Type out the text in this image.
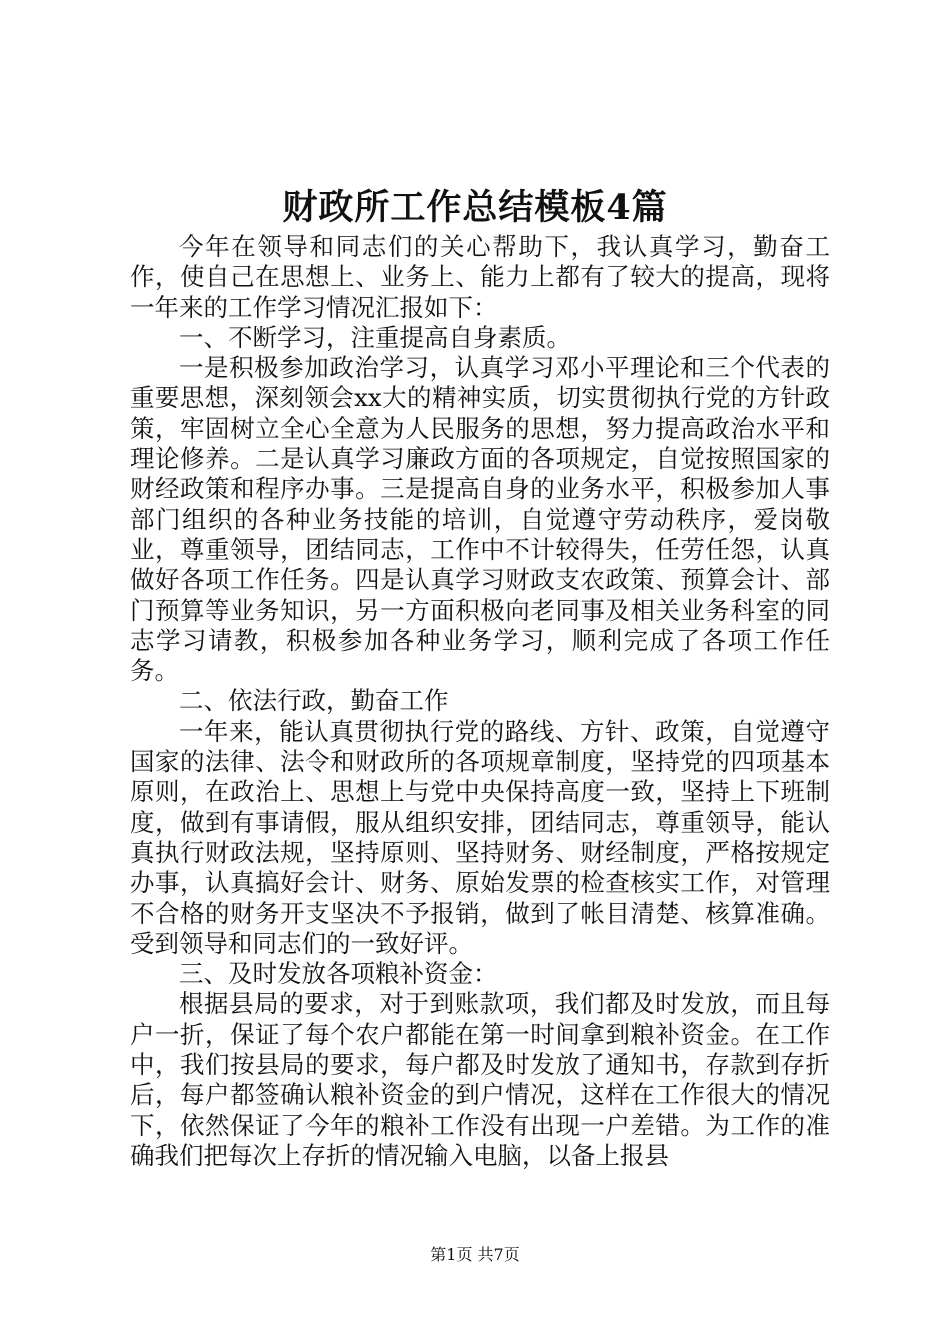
财政所工作总结模板4篇

今年在领导和同志们的关心帮助下，我认真学习，勤奋工作，使自己在思想上、业务上、能力上都有了较大的提高，现将一年来的工作学习情况汇报如下：

一、不断学习，注重提高自身素质。

一是积极参加政治学习，认真学习邓小平理论和三个代表的重要思想，深刻领会xx大的精神实质，切实贯彻执行党的方针政策，牢固树立全心全意为人民服务的思想，努力提高政治水平和理论修养。二是认真学习廉政方面的各项规定，自觉按照国家的财经政策和程序办事。三是提高自身的业务水平，积极参加人事部门组织的各种业务技能的培训，自觉遵守劳动秩序，爱岗敬业，尊重领导，团结同志，工作中不计较得失，任劳任怨，认真做好各项工作任务。四是认真学习财政支农政策、预算会计、部门预算等业务知识，另一方面积极向老同事及相关业务科室的同志学习请教，积极参加各种业务学习，顺利完成了各项工作任务。

二、依法行政，勤奋工作

一年来，能认真贯彻执行党的路线、方针、政策，自觉遵守国家的法律、法令和财政所的各项规章制度，坚持党的四项基本原则，在政治上、思想上与党中央保持高度一致，坚持上下班制度，做到有事请假，服从组织安排，团结同志，尊重领导，能认真执行财政法规，坚持原则、坚持财务、财经制度，严格按规定办事，认真搞好会计、财务、原始发票的检查核实工作，对管理不合格的财务开支坚决不予报销，做到了帐目清楚、核算准确。受到领导和同志们的一致好评。

三、及时发放各项粮补资金：

根据县局的要求，对于到账款项，我们都及时发放，而且每户一折，保证了每个农户都能在第一时间拿到粮补资金。在工作中，我们按县局的要求，每户都及时发放了通知书，存款到存折后，每户都签确认粮补资金的到户情况，这样在工作很大的情况下，依然保证了今年的粮补工作没有出现一户差错。为工作的准确我们把每次上存折的情况输入电脑，以备上报县

第1页 共7页
